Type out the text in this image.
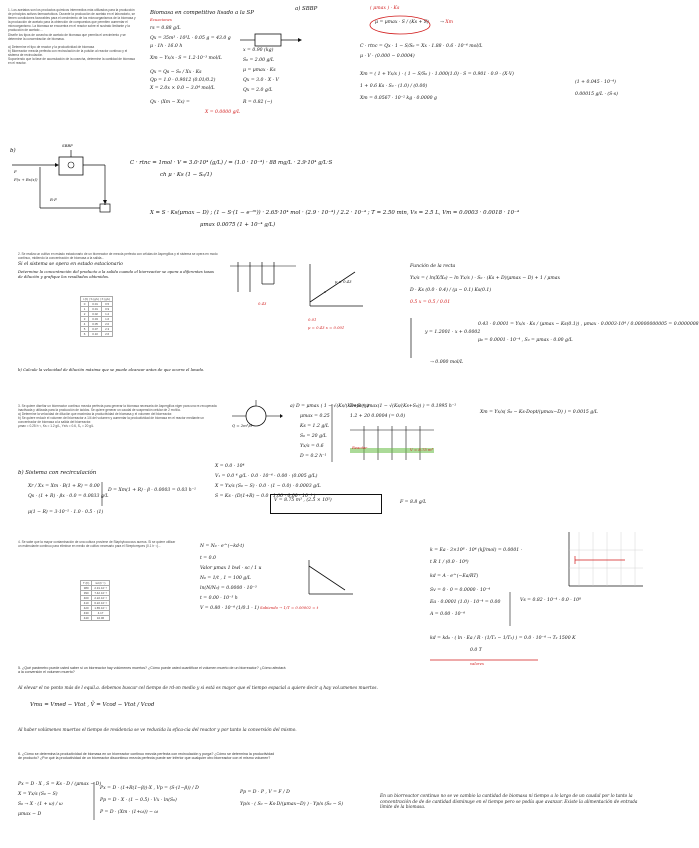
1. Los acetatos son los productos químicos intermedios más utilizados para la producción de principios activos farmacéuticos. Durante la producción de acetato en el laboratorio, se tienen condiciones favorables para el crecimiento de los microorganismos de la biomasa y la producción de acetato para la obtención de compuestos que permiten aumentar el microorganismo. La biomasa se encuentra en el reactor sobre el sustrato limitante y la producción de acetato ...
Diseñe los tipos de cosecha de acetato de biomasa que permita el crecimiento y se determine la concentración de biomasa.

a) Determine el tipo de reactor y la productividad de biomasa
b) Biorreactor mezcla perfecta con recirculación de la pulsión al reactor continuo y el sistema de recirculación.
Suponiendo que la fase de acumulación de la cosecha, determine la cantidad de biomasa en el reactor.
Biomasa en competitivo lisado a la SP
Ecuaciones
rs = 0.88 g/L
Qx = 35m³ · 10³L · 0.05 g = 43.0 g
μ · 1h · 16.0 h
Xm − Yx/s · S = 1.2·10⁻³ mol/L
Qx = Qs − S₀ / Xx · Ks
Qp = 1.0 · 0.9012 (0.01/0.2)
X = 2.0x × 0.0 − 3.0⁴ mol/L
Qx · (Xm − Xx) =
X = 0.0000 g/L
a) SBBP
x = 0.90 (kg)
S₀ = 2.00 g/L
μ = μmax · Ks
Qx = 3.0 · X · V
Qx = 2.0 g/L
R = 0.82 (−)
( μmax ) · Ks
μ = μmax · S / (Ks + S) → Xm
C · rtnc = Qx · 1 − S/S₀ = Xx · 1.88 · 0.6 · 10⁻⁴ mol/L
μ · V · (0.000 − 0.0004)
Xm = ( 1 + Yx/s ) · ( 1 − S/S₀ ) · 1.000(1.0) · S = 0.901 · 0.9 · (X·V)
1 + 0.6 Ks · S₀ · (1.0) / (0.00)
Xm = 0.0567 · 10⁻² kg · 0.0000 g
(1 + 0.045 · 10⁻⁴)
0.00015 g/L · (S·s)
b)
SBBP
F
F(x + Rx(x))
R·F
S
C · rtnc = 1mol · V = 3.0·10⁴ (g/L) / = (1.0 · 10⁻⁴) · 88 mg/L · 2.9·10⁴ g/L·S
ch μ · Ks (1 − S₀/1)
X = S · Ks(μmax − D) ; (1 − S·(1 − e⁻ᴰᵗ)) · 2.65·10⁴ mol · (2.9 · 10⁻⁴) / 2.2 · 10⁻⁴ ; T = 2.50 min, Vs = 2.5 L, Vm = 0.0003 · 0.0018 · 10⁻⁴
μmax 0.0075 (1 + 10⁻⁴ g/L)
2. Se realiza un cultivo en estado estacionario de un biorreactor de mezcla perfecta con células de Aspergillus y el sistema se opera en modo continuo, midiendo la concentración de biomasa a la salida...
Si el sistema se opera en estado estacionario
Determine la concentración del producto a la salida cuando el biorreactor se opera a diferentes tasas de dilución y grafique los resultados obtenidos.
t (h) | S (g/L) | X (g/L)		
0	0.01	0.5
1	0.01	0.9
2	0.02	1.2
3	0.03	1.6
4	0.05	2.0
5	0.07	2.3
6	0.10	2.6
b) Calcule la velocidad de dilución máxima que se puede alcanzar antes de que ocurra el lavado.
0.43
μ = 0.43
0.01
μ = 0.43 x = 0.001
Función de la recta
Yx/s = ( ln(X/X₀) − ln Yx/s ) · S₀ · (Ks + D)(μmax − D) + 1 / μmax
D · Ks (0.0 · 0.4) / (μ − 0.1) Ks(0.1)
0.5 x = 0.5 / 0.01
y = 1.2001 · x + 0.0002
0.43 · 0.0001 = Yx/s · Ks / (μmax − Ks(0.1)) , μmax · 0.0003·10⁴ / 0.00000000005 = 0.0000008
μ₀ = 0.0001 · 10⁻⁴ , S₀ = μmax · 0.00 g/L
→ 0.000 mol/L
3. Se quiere diseñar un biorreactor continuo mezcla perfecta para generar la biomasa necesaria de Aspergillus niger para una re-recuperada inactivada y utilizada para la producción de ácidos. Se quiere generar un caudal de suspensión celular de 2 m³/día.
a) Determine la velocidad de dilución que maximiza la productividad de biomasa y el volumen del biorreactor.
b) Se quiere reducir el volumen del biorreactor a 1/4 del volumen y aumentar la productividad de biomasa en el reactor mediante un concentrador de biomasa a la salida del biorreactor.
μmax = 0.25 h⁻¹, Ks = 1.2 g/L, Yx/s = 0.6, S₀ = 20 g/L	Q = 2m³/d
a) D = μmax ( 1 − √(Ks/(Ks+S₀)) )
μmax = 0.25
Ks = 1.2 g/L
S₀ = 20 g/L
Yx/s = 0.6
D = 0.2 h⁻¹
Dopt=μmax(1 − √(Ks/(Ks+S₀)) ) = 0.1995 h⁻¹
1.2 + 20 0.0004 (= 0.0)
Reactor	V = 8.75 m³
Xm = Yx/s( S₀ − Ks·Dopt/(μmax−D) ) = 0.0015 g/L
b) Sistema con recirculación
Xr / Xx = Xm · B(1 + R) = 0.00
Qs · (1 + R) · βx · 0.0 = 0.0033 g/L
μ(1 − R) = 3·10⁻⁵ · 1.0 · 0.5 · (1)
D = Xm(1 + R) · β · 0.0003 = 0.03 h⁻¹
X = 0.0 · 10⁴
V₁ = 0.0 ⁴ g/L · 0.0 · 10⁻⁴ · 0.00 · (0.005 g/L)
X = Yx/s (S₀ − S) · 0.0 · (1 − 0.0) · 0.0003 g/L
S = Ks · (D(1+R) − 0.0 · 1.00 · 0.00 · 10⁻⁴ )
V = 8.75 m³ , (2.5 × 10⁵)	F = 8.8 g/L
4. Se sabe que la mayor contaminación de una cultura proviene de Staphylococcus aureus. Si se quiere utilizar un estimulante continuo para eliminar en medio de cultivo necesario para el Streptomyces (0.1 h⁻¹)...
T (K)	kd (h⁻¹)
380	2.31·10⁻³
390	7.42·10⁻³
400	2.22·10⁻²
410	6.22·10⁻²
420	1.65·10⁻¹
430	4.17
440	10.06
N = N₀ · e^(−kd·t)
t = 0.0
Valor μmax 1 bwl · sc / 1 u
N₀ = 1/t , 1 = 100 g/L
ln(N/N₀) = 0.0000 · 10⁻³
t = 0.00 · 10⁻³ h
V = 0.80 · 10⁻⁴ (1/0.1 · 1) Sabiendo → 1/T = 0.00002 = t
k = Ea · 3×10⁸ · 10⁴ (kJ/mol) = 0.0001 ·
t R 1 / (0.0 · 10⁴)
kd = A · e^(−Ea/RT)
Sv = 0 · 0 = 0.0000 · 10⁻⁴
Ea · 0.0001 (1.0) · 10⁻⁴ = 0.00
A = 0.00 · 10⁻⁴
Vs = 0.82 · 10⁻⁴ · 0.0 · 10⁸
kd = kd₀ · ( ln · Ea / R · (1/T₁ − 1/T₂) ) = 0.0 · 10⁻⁴ → T₂ 1500 K
0.0 T
valores
5. ¿Qué parámetro puede usted saber si un biorreactor hay volúmenes muertos? ¿Cómo puede usted cuantificar el volumen muerto de un biorreactor? ¿Cómo afectará a la conversión el volumen muerto?
Al elevar el no ponto más de l equil.a. debemos buscar cel tiempo de rd·on medio y si está es mayor que el tiempo espacial a quiere decir q hay vol.umenes muertos.
Vmu = Vmed − Vtot , Ṽ = Vcod − Vtot / Vcod
Al haber volúmenes muertos el tiempo de residencia se ve reducida la efica·cia del reactor y por tanto la conversión del mismo.
6. ¿Cómo se determina la productividad de biomasa en un biorreactor continuo mezcla perfecta con recirculación y purga? ¿Cómo se determina la productividad de producto? ¿Por qué la productividad de un biorreactor discontinuo mezcla perfecta puede ser inferior que cualquier otro biorreactor con el mismo volumen?
Px = D · X , S = Ks · D / (μmax − D)
X = Yx/s (S₀ − S)
S₀ → X · (1 + ω) / ω
μmax − D
Px = D · (1+R(1−β))·X , Vp = (S·(1−β)) / D
Pp = D · X · (1 − 0.5) · Vx · ln(S₀)
P = D · (Xm · (1+ω)) − ω
Pp = D · P , V = F / D
Yp/s · ( S₀ − Ks·D/(μmax−D) ) · Yp/s (S₀ − S)
En un biorreactor continuo no se ve cambio la cantidad de biomasa ni tiempo a lo largo de un caudal por lo tanto la concentración de de de cantidad disminuye en el tiempo pero se podía que avanzar. Existe la alimentación de entrada límite de la biomasa.
